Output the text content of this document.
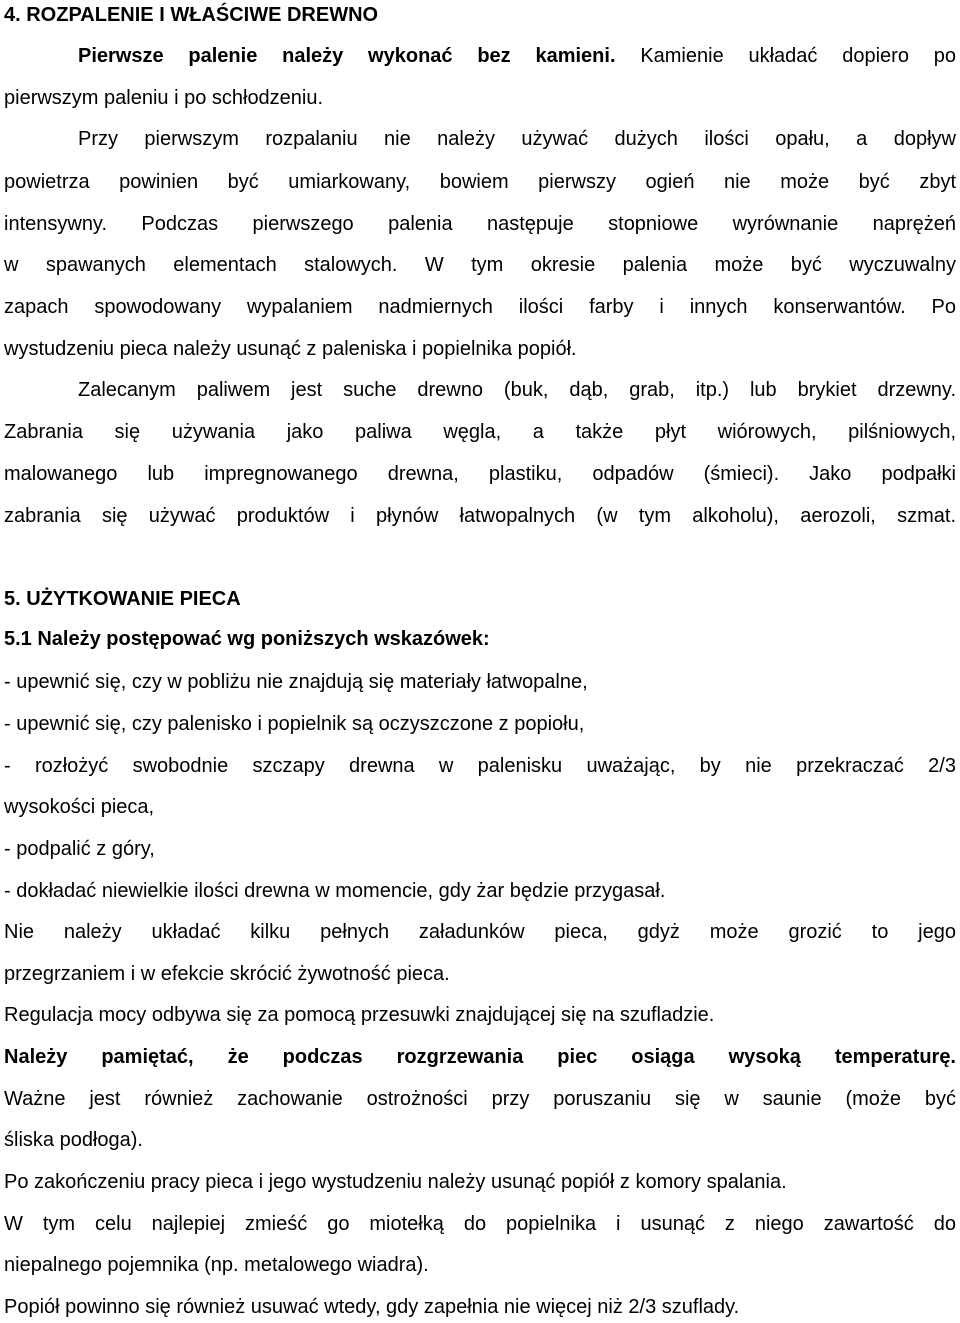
4. ROZPALENIE I WŁAŚCIWE DREWNO
Pierwsze palenie należy wykonać bez kamieni. Kamienie układać dopiero po
pierwszym paleniu i po schłodzeniu.
Przy pierwszym rozpalaniu nie należy używać dużych ilości opału, a dopływ
powietrza powinien być umiarkowany, bowiem pierwszy ogień nie może być zbyt
intensywny. Podczas pierwszego palenia następuje stopniowe wyrównanie naprężeń
w spawanych elementach stalowych. W tym okresie palenia może być wyczuwalny
zapach spowodowany wypalaniem nadmiernych ilości farby i innych konserwantów. Po
wystudzeniu pieca należy usunąć z paleniska i popielnika popiół.
Zalecanym paliwem jest suche drewno (buk, dąb, grab, itp.) lub brykiet drzewny.
Zabrania się używania jako paliwa węgla, a także płyt wiórowych, pilśniowych,
malowanego lub impregnowanego drewna, plastiku, odpadów (śmieci). Jako podpałki
zabrania się używać produktów i płynów łatwopalnych (w tym alkoholu), aerozoli, szmat.
5. UŻYTKOWANIE PIECA
5.1 Należy postępować wg poniższych wskazówek:
- upewnić się, czy w pobliżu nie znajdują się materiały łatwopalne,
- upewnić się, czy palenisko i popielnik są oczyszczone z popiołu,
- rozłożyć swobodnie szczapy drewna w palenisku uważając, by nie przekraczać 2/3
wysokości pieca,
- podpalić z góry,
- dokładać niewielkie ilości drewna w momencie, gdy żar będzie przygasał.
Nie należy układać kilku pełnych załadunków pieca, gdyż może grozić to jego
przegrzaniem i w efekcie skrócić żywotność pieca.
Regulacja mocy odbywa się za pomocą przesuwki znajdującej się na szufladzie.
Należy pamiętać, że podczas rozgrzewania piec osiąga wysoką temperaturę.
Ważne jest również zachowanie ostrożności przy poruszaniu się w saunie (może być
śliska podłoga).
Po zakończeniu pracy pieca i jego wystudzeniu należy usunąć popiół z komory spalania.
W tym celu najlepiej zmieść go miotełką do popielnika i usunąć z niego zawartość do
niepalnego pojemnika (np. metalowego wiadra).
Popiół powinno się również usuwać wtedy, gdy zapełnia nie więcej niż 2/3 szuflady.
